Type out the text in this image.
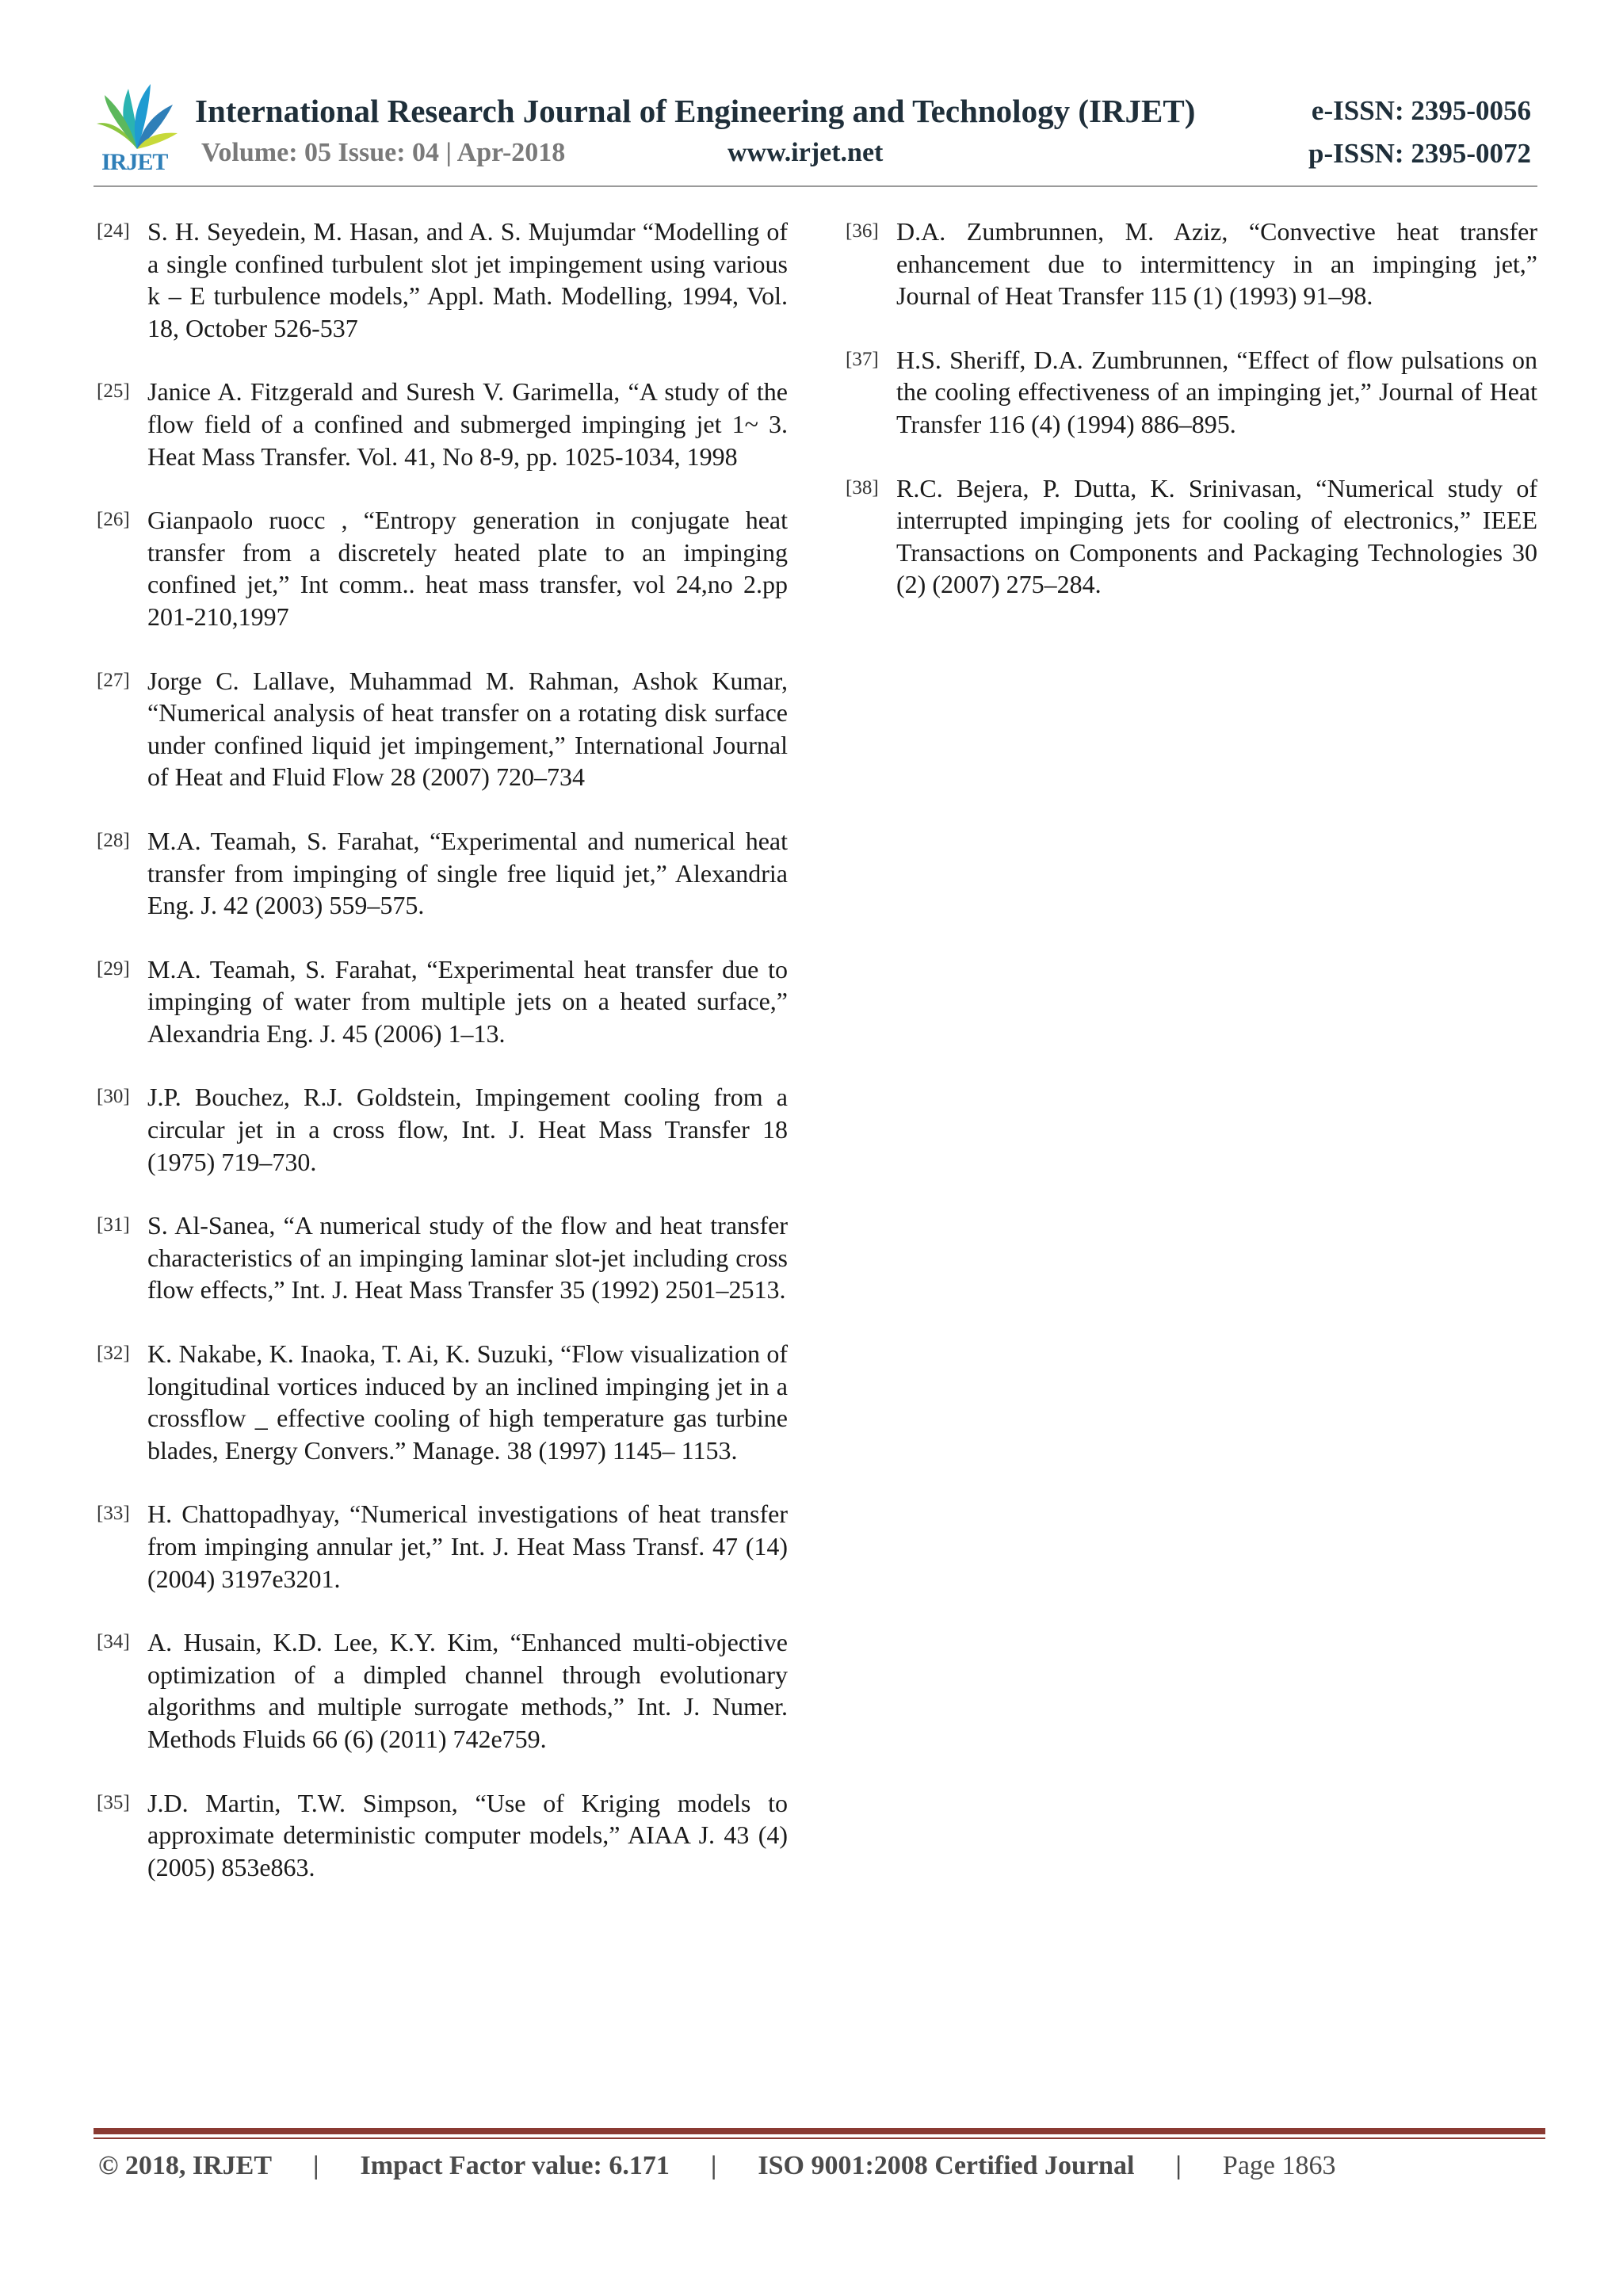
IRJET
International Research Journal of Engineering and Technology (IRJET)	e-ISSN: 2395-0056
Volume: 05 Issue: 04 | Apr-2018	www.irjet.net	p-ISSN: 2395-0072
[24] S. H. Seyedein, M. Hasan, and A. S. Mujumdar “Modelling of a single confined turbulent slot jet impingement using various k – E turbulence models,” Appl. Math. Modelling, 1994, Vol. 18, October 526-537

[25] Janice A. Fitzgerald and Suresh V. Garimella, “A study of the flow field of a confined and submerged impinging jet 1~ 3. Heat Mass Transfer. Vol. 41, No 8-9, pp. 1025-1034, 1998

[26] Gianpaolo ruocc , “Entropy generation in conjugate heat transfer from a discretely heated plate to an impinging confined jet,” Int comm.. heat mass transfer, vol 24,no 2.pp 201-210,1997

[27] Jorge C. Lallave, Muhammad M. Rahman, Ashok Kumar, “Numerical analysis of heat transfer on a rotating disk surface under confined liquid jet impingement,” International Journal of Heat and Fluid Flow 28 (2007) 720–734

[28] M.A. Teamah, S. Farahat, “Experimental and numerical heat transfer from impinging of single free liquid jet,” Alexandria Eng. J. 42 (2003) 559–575.

[29] M.A. Teamah, S. Farahat, “Experimental heat transfer due to impinging of water from multiple jets on a heated surface,” Alexandria Eng. J. 45 (2006) 1–13.

[30] J.P. Bouchez, R.J. Goldstein, Impingement cooling from a circular jet in a cross flow, Int. J. Heat Mass Transfer 18 (1975) 719–730.

[31] S. Al-Sanea, “A numerical study of the flow and heat transfer characteristics of an impinging laminar slot-jet including cross flow effects,” Int. J. Heat Mass Transfer 35 (1992) 2501–2513.

[32] K. Nakabe, K. Inaoka, T. Ai, K. Suzuki, “Flow visualization of longitudinal vortices induced by an inclined impinging jet in a crossflow _ effective cooling of high temperature gas turbine blades, Energy Convers.” Manage. 38 (1997) 1145– 1153.

[33] H. Chattopadhyay, “Numerical investigations of heat transfer from impinging annular jet,” Int. J. Heat Mass Transf. 47 (14) (2004) 3197e3201.

[34] A. Husain, K.D. Lee, K.Y. Kim, “Enhanced multi-objective optimization of a dimpled channel through evolutionary algorithms and multiple surrogate methods,” Int. J. Numer. Methods Fluids 66 (6) (2011) 742e759.

[35] J.D. Martin, T.W. Simpson, “Use of Kriging models to approximate deterministic computer models,” AIAA J. 43 (4) (2005) 853e863.

[36] D.A. Zumbrunnen, M. Aziz, “Convective heat transfer enhancement due to intermittency in an impinging jet,” Journal of Heat Transfer 115 (1) (1993) 91–98.

[37] H.S. Sheriff, D.A. Zumbrunnen, “Effect of flow pulsations on the cooling effectiveness of an impinging jet,” Journal of Heat Transfer 116 (4) (1994) 886–895.

[38] R.C. Bejera, P. Dutta, K. Srinivasan, “Numerical study of interrupted impinging jets for cooling of electronics,” IEEE Transactions on Components and Packaging Technologies 30 (2) (2007) 275–284.

© 2018, IRJET | Impact Factor value: 6.171 | ISO 9001:2008 Certified Journal | Page 1863
